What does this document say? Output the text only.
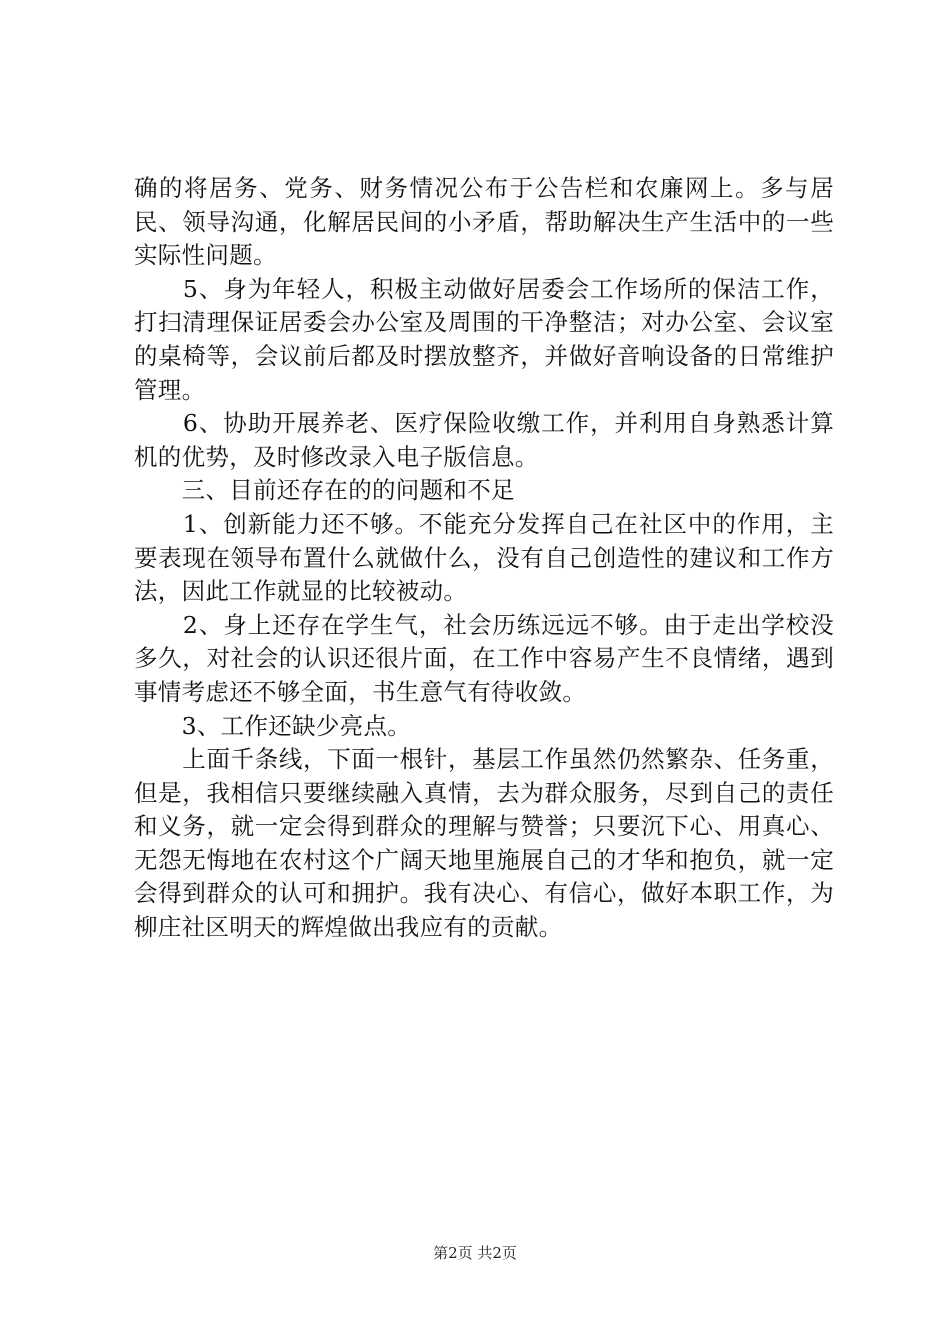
确的将居务、党务、财务情况公布于公告栏和农廉网上。多与居民、领导沟通，化解居民间的小矛盾，帮助解决生产生活中的一些实际性问题。

　　5、身为年轻人，积极主动做好居委会工作场所的保洁工作，打扫清理保证居委会办公室及周围的干净整洁；对办公室、会议室的桌椅等，会议前后都及时摆放整齐，并做好音响设备的日常维护管理。

　　6、协助开展养老、医疗保险收缴工作，并利用自身熟悉计算机的优势，及时修改录入电子版信息。

　　三、目前还存在的的问题和不足

　　1、创新能力还不够。不能充分发挥自己在社区中的作用，主要表现在领导布置什么就做什么，没有自己创造性的建议和工作方法，因此工作就显的比较被动。

　　2、身上还存在学生气，社会历练远远不够。由于走出学校没多久，对社会的认识还很片面，在工作中容易产生不良情绪，遇到事情考虑还不够全面，书生意气有待收敛。

　　3、工作还缺少亮点。

　　上面千条线，下面一根针，基层工作虽然仍然繁杂、任务重，但是，我相信只要继续融入真情，去为群众服务，尽到自己的责任和义务，就一定会得到群众的理解与赞誉；只要沉下心、用真心、无怨无悔地在农村这个广阔天地里施展自己的才华和抱负，就一定会得到群众的认可和拥护。我有决心、有信心，做好本职工作，为柳庄社区明天的辉煌做出我应有的贡献。

第2页 共2页
